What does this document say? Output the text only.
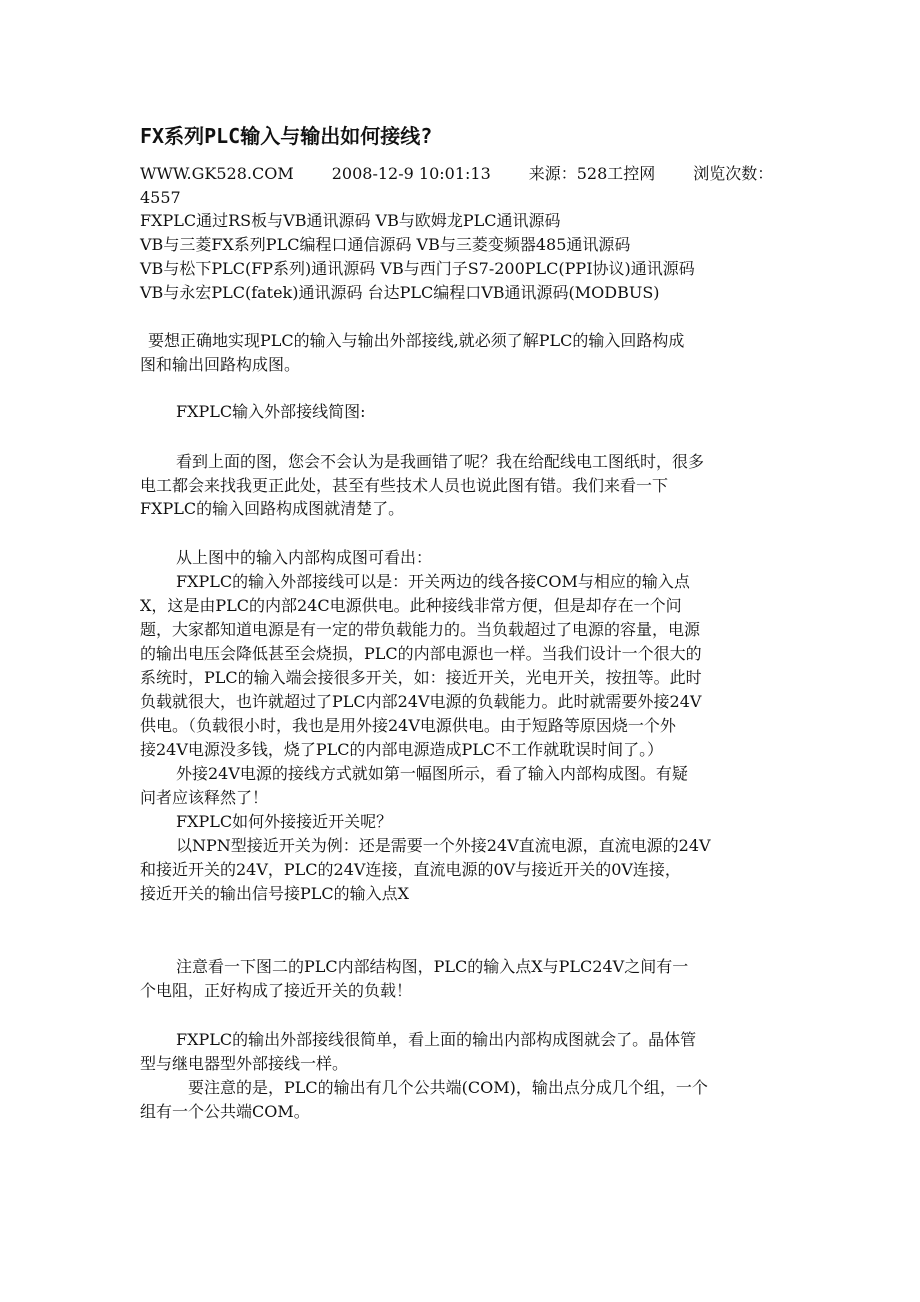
FX系列PLC输入与输出如何接线?
WWW.GK528.COM 2008-12-9 10:01:13 来源：528工控网 浏览次数：
4557
FXPLC通过RS板与VB通讯源码 VB与欧姆龙PLC通讯源码
VB与三菱FX系列PLC编程口通信源码 VB与三菱变频器485通讯源码
VB与松下PLC(FP系列)通讯源码 VB与西门子S7-200PLC(PPI协议)通讯源码
VB与永宏PLC(fatek)通讯源码 台达PLC编程口VB通讯源码(MODBUS)
要想正确地实现PLC的输入与输出外部接线,就必须了解PLC的输入回路构成
图和输出回路构成图。
FXPLC输入外部接线简图:
看到上面的图，您会不会认为是我画错了呢？我在给配线电工图纸时，很多
电工都会来找我更正此处，甚至有些技术人员也说此图有错。我们来看一下
FXPLC的输入回路构成图就清楚了。
从上图中的输入内部构成图可看出：
FXPLC的输入外部接线可以是：开关两边的线各接COM与相应的输入点
X，这是由PLC的内部24C电源供电。此种接线非常方便，但是却存在一个问
题，大家都知道电源是有一定的带负载能力的。当负载超过了电源的容量，电源
的输出电压会降低甚至会烧损，PLC的内部电源也一样。当我们设计一个很大的
系统时，PLC的输入端会接很多开关，如：接近开关，光电开关，按扭等。此时
负载就很大，也许就超过了PLC内部24V电源的负载能力。此时就需要外接24V
供电。（负载很小时，我也是用外接24V电源供电。由于短路等原因烧一个外
接24V电源没多钱，烧了PLC的内部电源造成PLC不工作就耽误时间了。）
外接24V电源的接线方式就如第一幅图所示，看了输入内部构成图。有疑
问者应该释然了！
FXPLC如何外接接近开关呢？
以NPN型接近开关为例：还是需要一个外接24V直流电源，直流电源的24V
和接近开关的24V，PLC的24V连接，直流电源的0V与接近开关的0V连接，
接近开关的输出信号接PLC的输入点X
注意看一下图二的PLC内部结构图，PLC的输入点X与PLC24V之间有一
个电阻，正好构成了接近开关的负载！
FXPLC的输出外部接线很简单，看上面的输出内部构成图就会了。晶体管
型与继电器型外部接线一样。
要注意的是，PLC的输出有几个公共端(COM)，输出点分成几个组，一个
组有一个公共端COM。
